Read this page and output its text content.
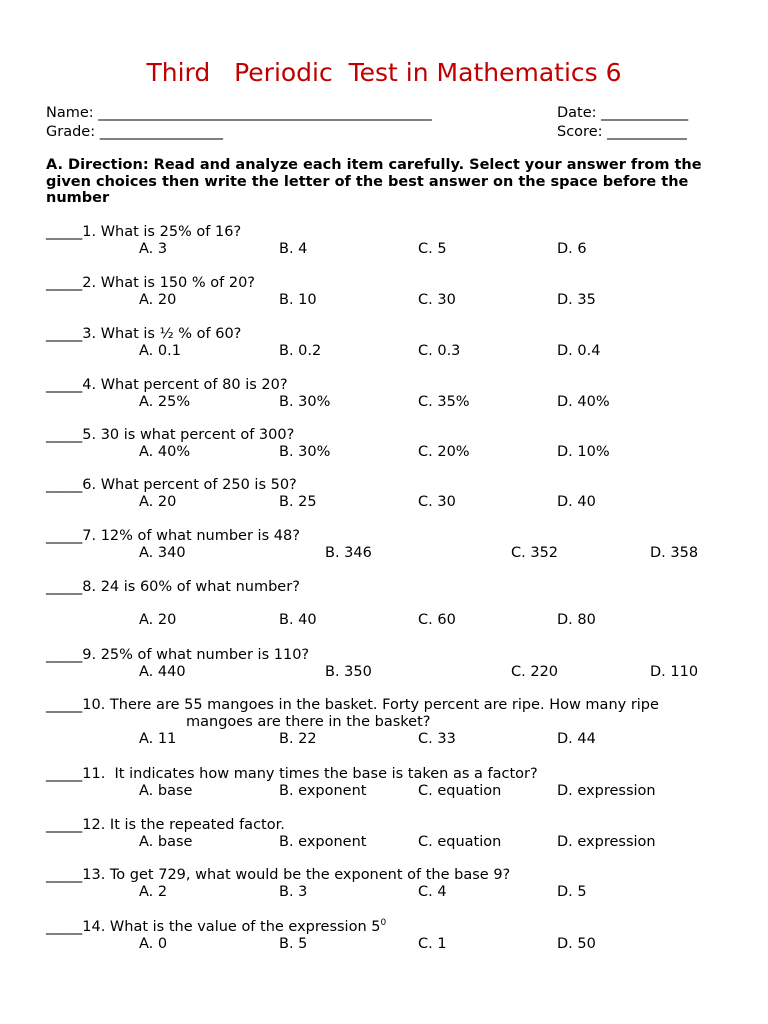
Third   Periodic  Test in Mathematics 6
Name: ______________________________________________	Date: ____________
Grade: _________________	Score: ___________
A. Direction: Read and analyze each item carefully. Select your answer from the given choices then write the letter of the best answer on the space before the number
_____1. What is 25% of 16?
A. 3	B. 4	C. 5	D. 6
_____2. What is 150 % of 20?
A. 20	B. 10	C. 30	D. 35
_____3. What is ½ % of 60?
A. 0.1	B. 0.2	C. 0.3	D. 0.4
_____4. What percent of 80 is 20?
A. 25%	B. 30%	C. 35%	D. 40%
_____5. 30 is what percent of 300?
A. 40%	B. 30%	C. 20%	D. 10%
_____6. What percent of 250 is 50?
A. 20	B. 25	C. 30	D. 40
_____7. 12% of what number is 48?
A. 340	B. 346	C. 352	D. 358
_____8. 24 is 60% of what number?
A. 20	B. 40	C. 60	D. 80
_____9. 25% of what number is 110?
A. 440	B. 350	C. 220	D. 110
_____10. There are 55 mangoes in the basket. Forty percent are ripe. How many ripe
mangoes are there in the basket?
A. 11	B. 22	C. 33	D. 44
_____11.  It indicates how many times the base is taken as a factor?
A. base	B. exponent	C. equation	D. expression
_____12. It is the repeated factor.
A. base	B. exponent	C. equation	D. expression
_____13. To get 729, what would be the exponent of the base 9?
A. 2	B. 3	C. 4	D. 5
_____14. What is the value of the expression $5^0$
A. 0	B. 5	C. 1	D. 50
